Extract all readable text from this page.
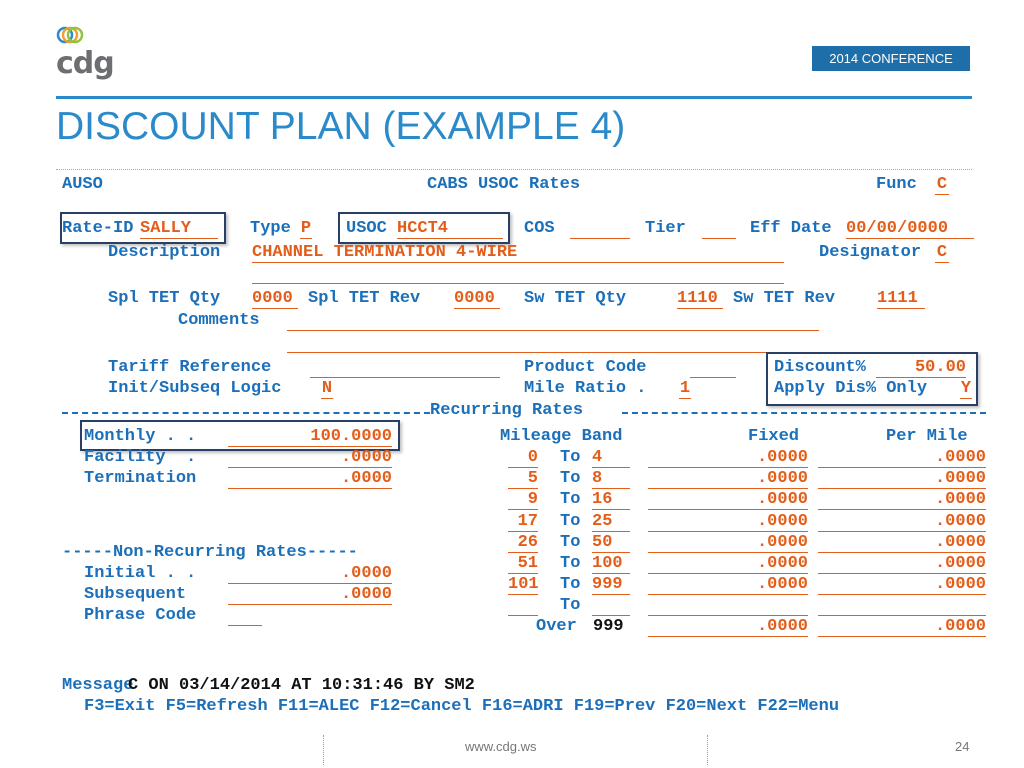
cdg	2014 CONFERENCE
DISCOUNT PLAN (EXAMPLE 4)
AUSO	CABS USOC Rates	Func C
Rate-ID SALLY	Type P USOC HCCT4	COS	Tier	Eff Date 00/00/0000
Description CHANNEL TERMINATION 4-WIRE	Designator C
Spl TET Qty 0000 Spl TET Rev 0000	Sw TET Qty	1110 Sw TET Rev 1111
Comments
Tariff Reference	Product Code	Discount%	50.00
Init/Subseq Logic N	Mile Ratio . 1	Apply Dis% Only Y
Recurring Rates
Mileage Band	Fixed	Per Mile
Monthly . .	100.0000
Facility  .	.0000
Termination	.0000
0 To 4	.0000	.0000
5 To 8	.0000	.0000
9 To 16	.0000	.0000
17 To 25	.0000	.0000
26 To 50	.0000	.0000
51 To 100	.0000	.0000
101 To 999	.0000	.0000
To
Over 999	.0000	.0000
-----Non-Recurring Rates-----
Initial . .	.0000
Subsequent	.0000
Phrase Code
Message
C ON 03/14/2014 AT 10:31:46 BY SM2
F3=Exit F5=Refresh F11=ALEC F12=Cancel F16=ADRI F19=Prev F20=Next F22=Menu
www.cdg.ws	24
